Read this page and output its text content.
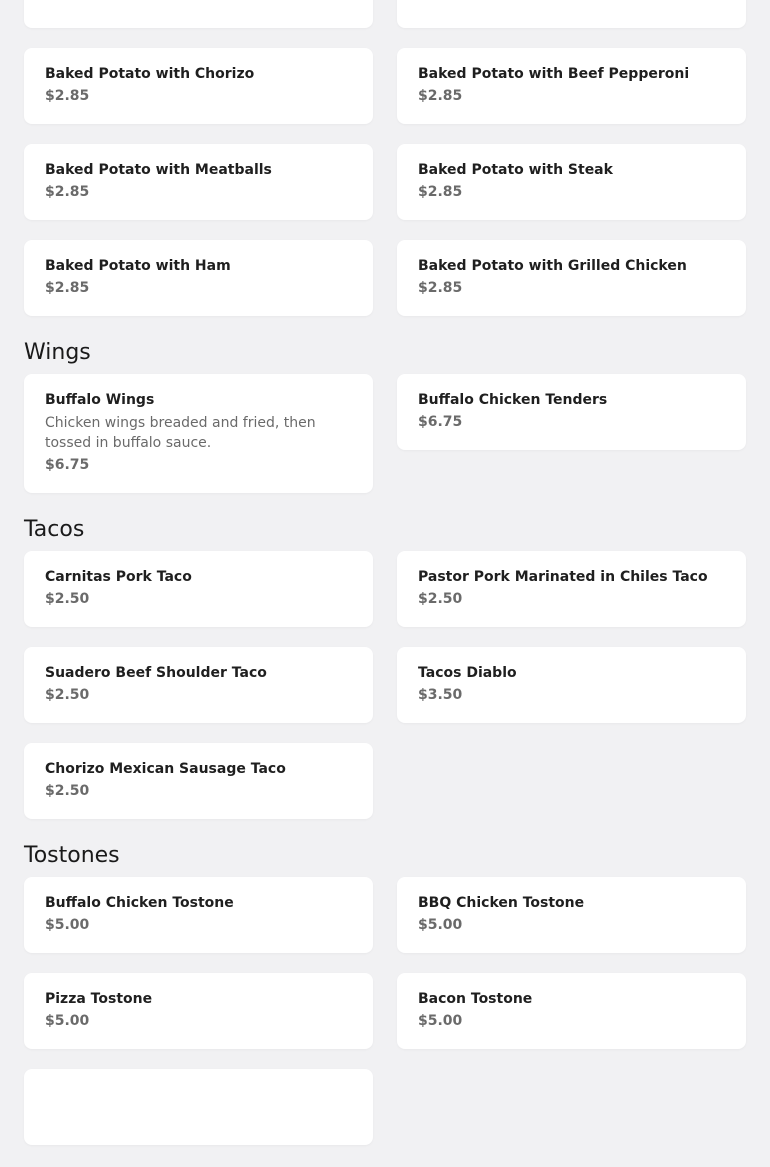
Baked Potato with Chorizo
$2.85
Baked Potato with Beef Pepperoni
$2.85
Baked Potato with Meatballs
$2.85
Baked Potato with Steak
$2.85
Baked Potato with Ham
$2.85
Baked Potato with Grilled Chicken
$2.85
Wings
Buffalo Wings
Chicken wings breaded and fried, then tossed in buffalo sauce.
$6.75
Buffalo Chicken Tenders
$6.75
Tacos
Carnitas Pork Taco
$2.50
Pastor Pork Marinated in Chiles Taco
$2.50
Suadero Beef Shoulder Taco
$2.50
Tacos Diablo
$3.50
Chorizo Mexican Sausage Taco
$2.50
Tostones
Buffalo Chicken Tostone
$5.00
BBQ Chicken Tostone
$5.00
Pizza Tostone
$5.00
Bacon Tostone
$5.00
